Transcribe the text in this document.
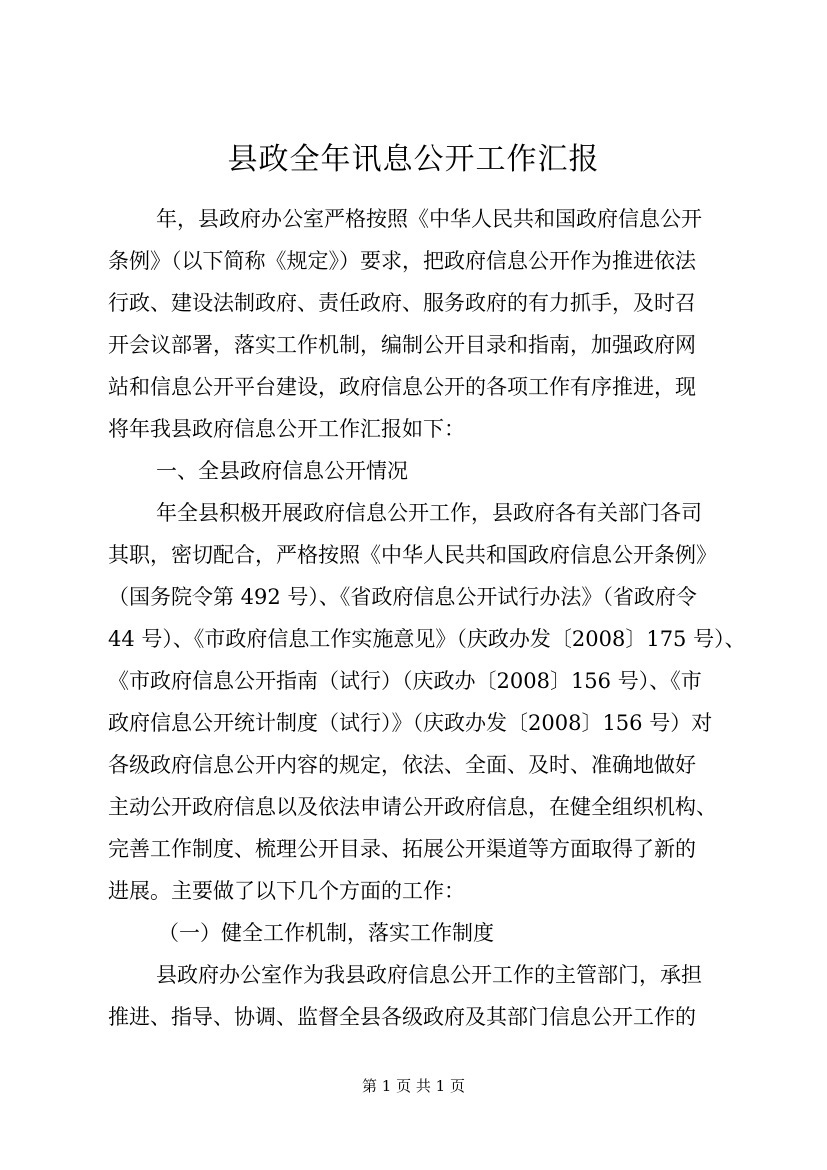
县政全年讯息公开工作汇报
年，县政府办公室严格按照《中华人民共和国政府信息公开
条例》（以下简称《规定》）要求，把政府信息公开作为推进依法
行政、建设法制政府、责任政府、服务政府的有力抓手，及时召
开会议部署，落实工作机制，编制公开目录和指南，加强政府网
站和信息公开平台建设，政府信息公开的各项工作有序推进，现
将年我县政府信息公开工作汇报如下：
一、全县政府信息公开情况
年全县积极开展政府信息公开工作，县政府各有关部门各司
其职，密切配合，严格按照《中华人民共和国政府信息公开条例》
（国务院令第 492 号）、《省政府信息公开试行办法》（省政府令
44 号）、《市政府信息工作实施意见》（庆政办发〔2008〕175 号）、
《市政府信息公开指南（试行）（庆政办〔2008〕156 号）、《市
政府信息公开统计制度（试行）》（庆政办发〔2008〕156 号）对
各级政府信息公开内容的规定，依法、全面、及时、准确地做好
主动公开政府信息以及依法申请公开政府信息，在健全组织机构、
完善工作制度、梳理公开目录、拓展公开渠道等方面取得了新的
进展。主要做了以下几个方面的工作：
（一）健全工作机制，落实工作制度
县政府办公室作为我县政府信息公开工作的主管部门，承担
推进、指导、协调、监督全县各级政府及其部门信息公开工作的
第 1 页 共 1 页
